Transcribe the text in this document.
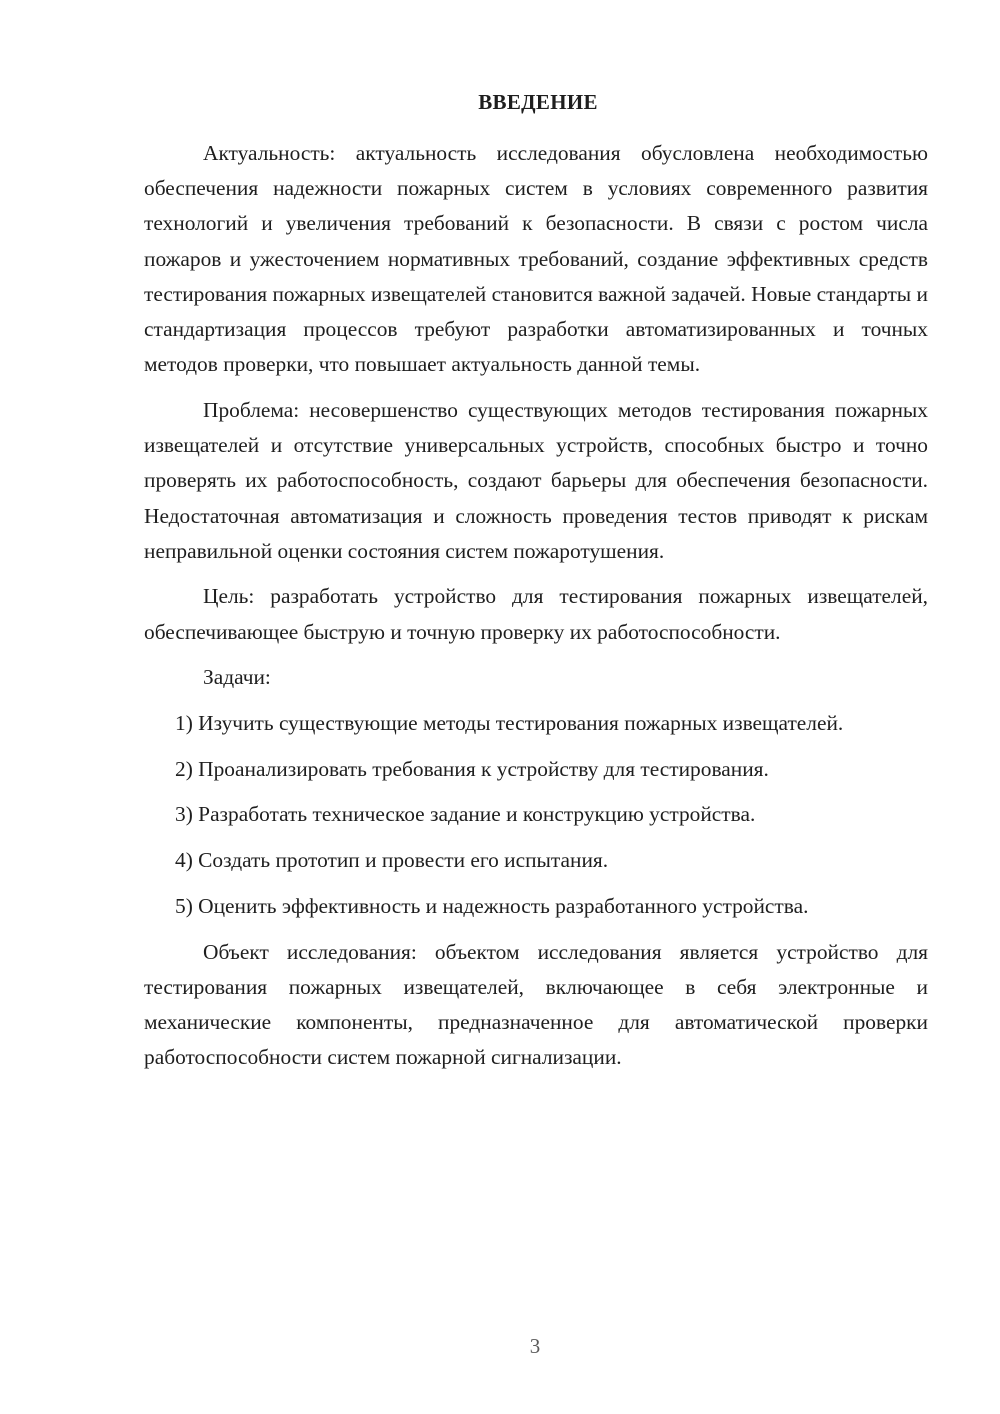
ВВЕДЕНИЕ

Актуальность: актуальность исследования обусловлена необходимостью обеспечения надежности пожарных систем в условиях современного развития технологий и увеличения требований к безопасности. В связи с ростом числа пожаров и ужесточением нормативных требований, создание эффективных средств тестирования пожарных извещателей становится важной задачей. Новые стандарты и стандартизация процессов требуют разработки автоматизированных и точных методов проверки, что повышает актуальность данной темы.

Проблема: несовершенство существующих методов тестирования пожарных извещателей и отсутствие универсальных устройств, способных быстро и точно проверять их работоспособность, создают барьеры для обеспечения безопасности. Недостаточная автоматизация и сложность проведения тестов приводят к рискам неправильной оценки состояния систем пожаротушения.

Цель: разработать устройство для тестирования пожарных извещателей, обеспечивающее быструю и точную проверку их работоспособности.

Задачи:

1) Изучить существующие методы тестирования пожарных извещателей.

2) Проанализировать требования к устройству для тестирования.

3) Разработать техническое задание и конструкцию устройства.

4) Создать прототип и провести его испытания.

5) Оценить эффективность и надежность разработанного устройства.

Объект исследования: объектом исследования является устройство для тестирования пожарных извещателей, включающее в себя электронные и механические компоненты, предназначенное для автоматической проверки работоспособности систем пожарной сигнализации.

3
